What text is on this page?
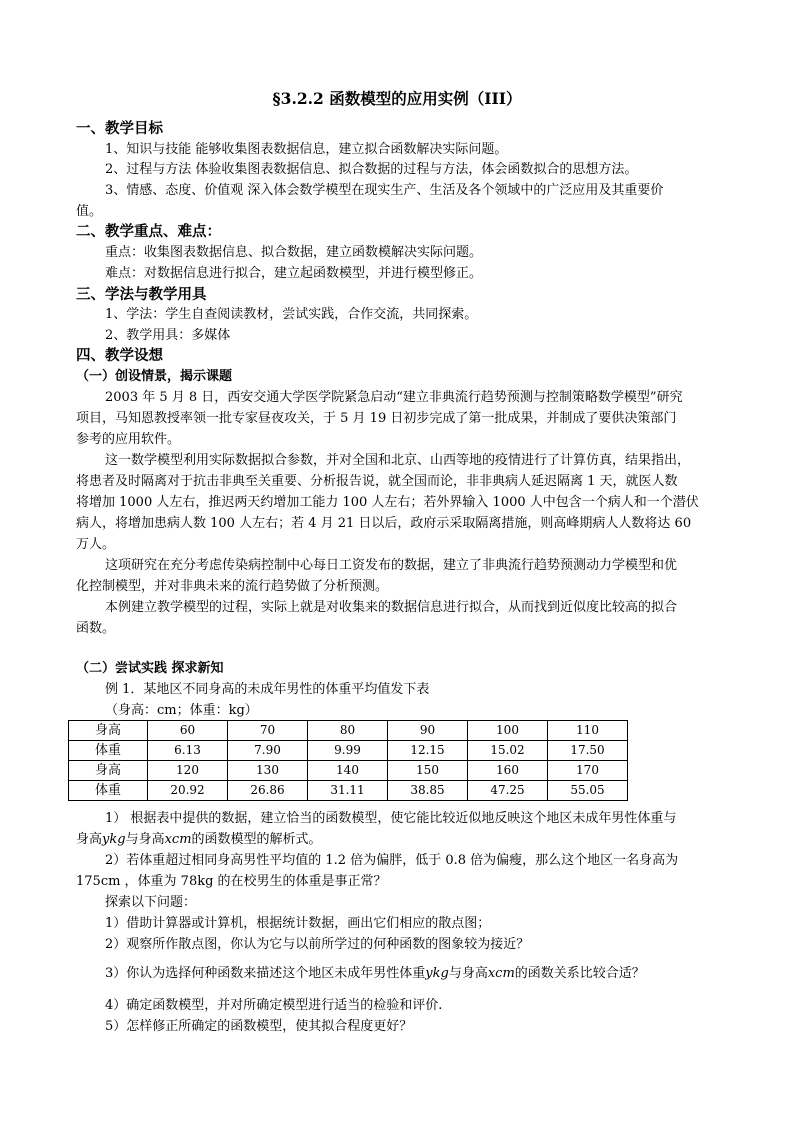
§3.2.2 函数模型的应用实例（III）
一、教学目标
1、知识与技能 能够收集图表数据信息，建立拟合函数解决实际问题。
2、过程与方法 体验收集图表数据信息、拟合数据的过程与方法，体会函数拟合的思想方法。
3、情感、态度、价值观 深入体会数学模型在现实生产、生活及各个领域中的广泛应用及其重要价
值。
二、教学重点、难点：
重点：收集图表数据信息、拟合数据，建立函数模解决实际问题。
难点：对数据信息进行拟合，建立起函数模型，并进行模型修正。
三、学法与教学用具
1、学法：学生自查阅读教材，尝试实践，合作交流，共同探索。
2、教学用具：多媒体
四、教学设想
（一）创设情景，揭示课题
2003 年 5 月 8 日，西安交通大学医学院紧急启动“建立非典流行趋势预测与控制策略数学模型”研究
项目，马知恩教授率领一批专家昼夜攻关，于 5 月 19 日初步完成了第一批成果，并制成了要供决策部门
参考的应用软件。
这一数学模型利用实际数据拟合参数，并对全国和北京、山西等地的疫情进行了计算仿真，结果指出，
将患者及时隔离对于抗击非典至关重要、分析报告说，就全国而论，非非典病人延迟隔离 1 天，就医人数
将增加 1000 人左右，推迟两天约增加工能力 100 人左右；若外界输入 1000 人中包含一个病人和一个潜伏
病人，将增加患病人数 100 人左右；若 4 月 21 日以后，政府示采取隔离措施，则高峰期病人人数将达 60
万人。
这项研究在充分考虑传染病控制中心每日工资发布的数据，建立了非典流行趋势预测动力学模型和优
化控制模型，并对非典未来的流行趋势做了分析预测。
本例建立教学模型的过程，实际上就是对收集来的数据信息进行拟合，从而找到近似度比较高的拟合
函数。
（二）尝试实践 探求新知
例 1．某地区不同身高的未成年男性的体重平均值发下表
（身高：cm；体重：kg）
身高	60	70	80	90	100	110
体重	6.13	7.90	9.99	12.15	15.02	17.50
身高	120	130	140	150	160	170
体重	20.92	26.86	31.11	38.85	47.25	55.05
1） 根据表中提供的数据，建立恰当的函数模型，使它能比较近似地反映这个地区未成年男性体重与
身高ykg与身高xcm的函数模型的解析式。
2）若体重超过相同身高男性平均值的 1.2 倍为偏胖，低于 0.8 倍为偏瘦，那么这个地区一名身高为
175cm ，体重为 78kg 的在校男生的体重是事正常？
探索以下问题：
1）借助计算器或计算机，根据统计数据，画出它们相应的散点图；
2）观察所作散点图，你认为它与以前所学过的何种函数的图象较为接近？
3）你认为选择何种函数来描述这个地区未成年男性体重ykg与身高xcm的函数关系比较合适？
4）确定函数模型，并对所确定模型进行适当的检验和评价.
5）怎样修正所确定的函数模型，使其拟合程度更好？
